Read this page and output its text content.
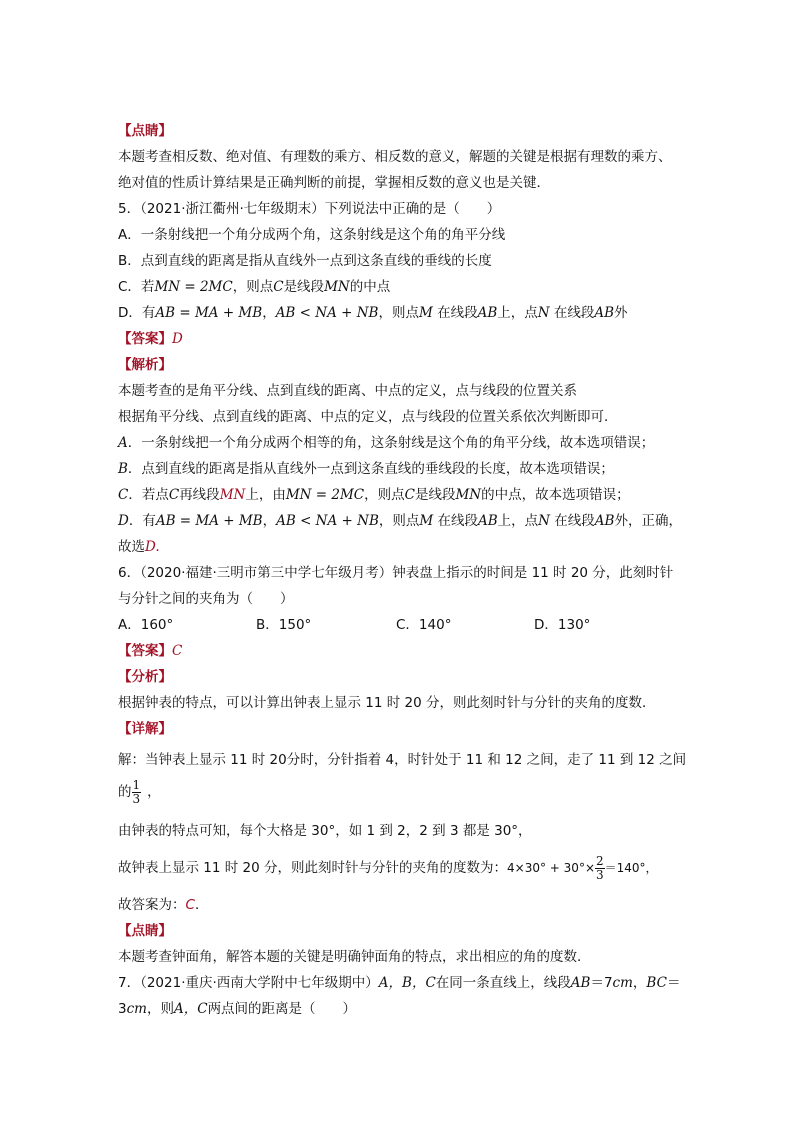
【点睛】
本题考查相反数、绝对值、有理数的乘方、相反数的意义，解题的关键是根据有理数的乘方、
绝对值的性质计算结果是正确判断的前提，掌握相反数的意义也是关键．
5．（2021·浙江衢州·七年级期末）下列说法中正确的是（　　）
A．一条射线把一个角分成两个角，这条射线是这个角的角平分线
B．点到直线的距离是指从直线外一点到这条直线的垂线的长度
C．若MN = 2MC，则点C是线段MN的中点
D．有AB = MA + MB，AB < NA + NB，则点M 在线段AB上，点N 在线段AB外
【答案】D
【解析】
本题考查的是角平分线、点到直线的距离、中点的定义，点与线段的位置关系
根据角平分线、点到直线的距离、中点的定义，点与线段的位置关系依次判断即可．
A．一条射线把一个角分成两个相等的角，这条射线是这个角的角平分线，故本选项错误；
B．点到直线的距离是指从直线外一点到这条直线的垂线段的长度，故本选项错误；
C．若点C再线段MN上，由MN = 2MC，则点C是线段MN的中点，故本选项错误；
D．有AB = MA + MB，AB < NA + NB，则点M 在线段AB上，点N 在线段AB外，正确，
故选D.
6．（2020·福建·三明市第三中学七年级月考）钟表盘上指示的时间是 11 时 20 分，此刻时针
与分针之间的夹角为（　　）
A．160°	B．150°	C．140°	D．130°
【答案】C
【分析】
根据钟表的特点，可以计算出钟表上显示 11 时 20 分，则此刻时针与分针的夹角的度数．
【详解】
解：当钟表上显示 11 时 20分时，分针指着 4，时针处于 11 和 12 之间，走了 11 到 12 之间
的 $\frac{1}{3}$ ，
由钟表的特点可知，每个大格是 30°，如 1 到 2，2 到 3 都是 30°，
故钟表上显示 11 时 20 分，则此刻时针与分针的夹角的度数为：$4\times 30^\circ + 30^\circ\times \frac{2}{3} =140^\circ$，
故答案为：C．
【点睛】
本题考查钟面角，解答本题的关键是明确钟面角的特点，求出相应的角的度数．
7．（2021·重庆·西南大学附中七年级期中）A，B，C在同一条直线上，线段AB＝7cm，BC＝
3cm，则A，C两点间的距离是（　　）
